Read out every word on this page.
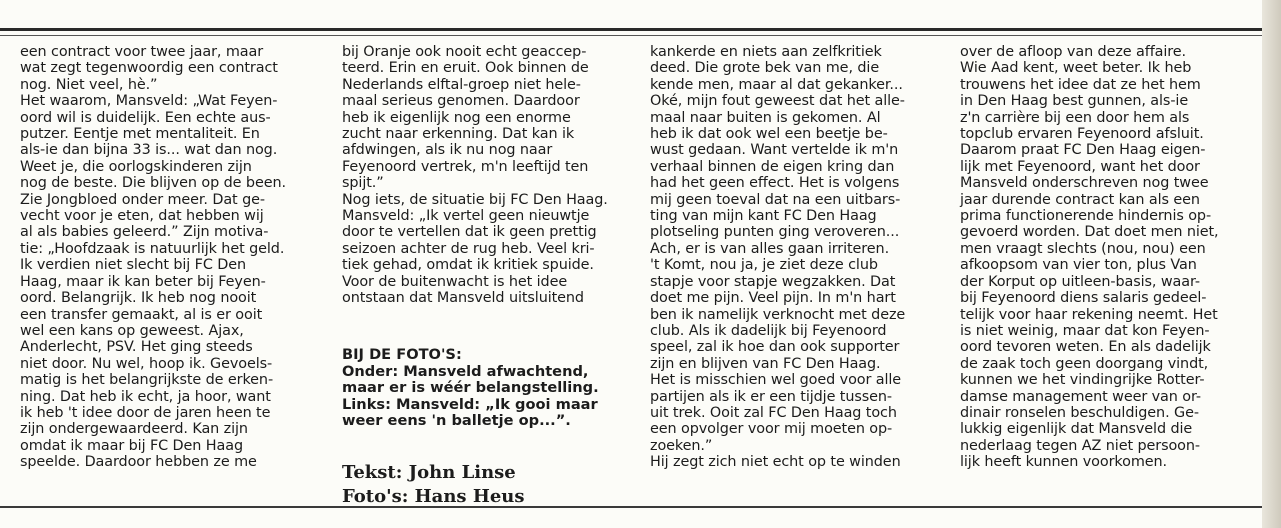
een contract voor twee jaar, maar

wat zegt tegenwoordig een contract

nog. Niet veel, hè.”

Het waarom, Mansveld: „Wat Feyen-

oord wil is duidelijk. Een echte aus-

putzer. Eentje met mentaliteit. En

als-ie dan bijna 33 is... wat dan nog.

Weet je, die oorlogskinderen zijn

nog de beste. Die blijven op de been.

Zie Jongbloed onder meer. Dat ge-

vecht voor je eten, dat hebben wij

al als babies geleerd.” Zijn motiva-

tie: „Hoofdzaak is natuurlijk het geld.

Ik verdien niet slecht bij FC Den

Haag, maar ik kan beter bij Feyen-

oord. Belangrijk. Ik heb nog nooit

een transfer gemaakt, al is er ooit

wel een kans op geweest. Ajax,

Anderlecht, PSV. Het ging steeds

niet door. Nu wel, hoop ik. Gevoels-

matig is het belangrijkste de erken-

ning. Dat heb ik echt, ja hoor, want

ik heb 't idee door de jaren heen te

zijn ondergewaardeerd. Kan zijn

omdat ik maar bij FC Den Haag

speelde. Daardoor hebben ze me

bij Oranje ook nooit echt geaccep-

teerd. Erin en eruit. Ook binnen de

Nederlands elftal-groep niet hele-

maal serieus genomen. Daardoor

heb ik eigenlijk nog een enorme

zucht naar erkenning. Dat kan ik

afdwingen, als ik nu nog naar

Feyenoord vertrek, m'n leeftijd ten

spijt.”

Nog iets, de situatie bij FC Den Haag.

Mansveld: „Ik vertel geen nieuwtje

door te vertellen dat ik geen prettig

seizoen achter de rug heb. Veel kri-

tiek gehad, omdat ik kritiek spuide.

Voor de buitenwacht is het idee

ontstaan dat Mansveld uitsluitend

kankerde en niets aan zelfkritiek

deed. Die grote bek van me, die

kende men, maar al dat gekanker...

Oké, mijn fout geweest dat het alle-

maal naar buiten is gekomen. Al

heb ik dat ook wel een beetje be-

wust gedaan. Want vertelde ik m'n

verhaal binnen de eigen kring dan

had het geen effect. Het is volgens

mij geen toeval dat na een uitbars-

ting van mijn kant FC Den Haag

plotseling punten ging veroveren...

Ach, er is van alles gaan irriteren.

't Komt, nou ja, je ziet deze club

stapje voor stapje wegzakken. Dat

doet me pijn. Veel pijn. In m'n hart

ben ik namelijk verknocht met deze

club. Als ik dadelijk bij Feyenoord

speel, zal ik hoe dan ook supporter

zijn en blijven van FC Den Haag.

Het is misschien wel goed voor alle

partijen als ik er een tijdje tussen-

uit trek. Ooit zal FC Den Haag toch

een opvolger voor mij moeten op-

zoeken.”

Hij zegt zich niet echt op te winden

over de afloop van deze affaire.

Wie Aad kent, weet beter. Ik heb

trouwens het idee dat ze het hem

in Den Haag best gunnen, als-ie

z'n carrière bij een door hem als

topclub ervaren Feyenoord afsluit.

Daarom praat FC Den Haag eigen-

lijk met Feyenoord, want het door

Mansveld onderschreven nog twee

jaar durende contract kan als een

prima functionerende hindernis op-

gevoerd worden. Dat doet men niet,

men vraagt slechts (nou, nou) een

afkoopsom van vier ton, plus Van

der Korput op uitleen-basis, waar-

bij Feyenoord diens salaris gedeel-

telijk voor haar rekening neemt. Het

is niet weinig, maar dat kon Feyen-

oord tevoren weten. En als dadelijk

de zaak toch geen doorgang vindt,

kunnen we het vindingrijke Rotter-

damse management weer van or-

dinair ronselen beschuldigen. Ge-

lukkig eigenlijk dat Mansveld die

nederlaag tegen AZ niet persoon-

lijk heeft kunnen voorkomen.

BIJ DE FOTO'S:

Onder: Mansveld afwachtend,

maar er is wéér belangstelling.

Links: Mansveld: „Ik gooi maar

weer eens 'n balletje op...”.

Tekst: John Linse

Foto's: Hans Heus
